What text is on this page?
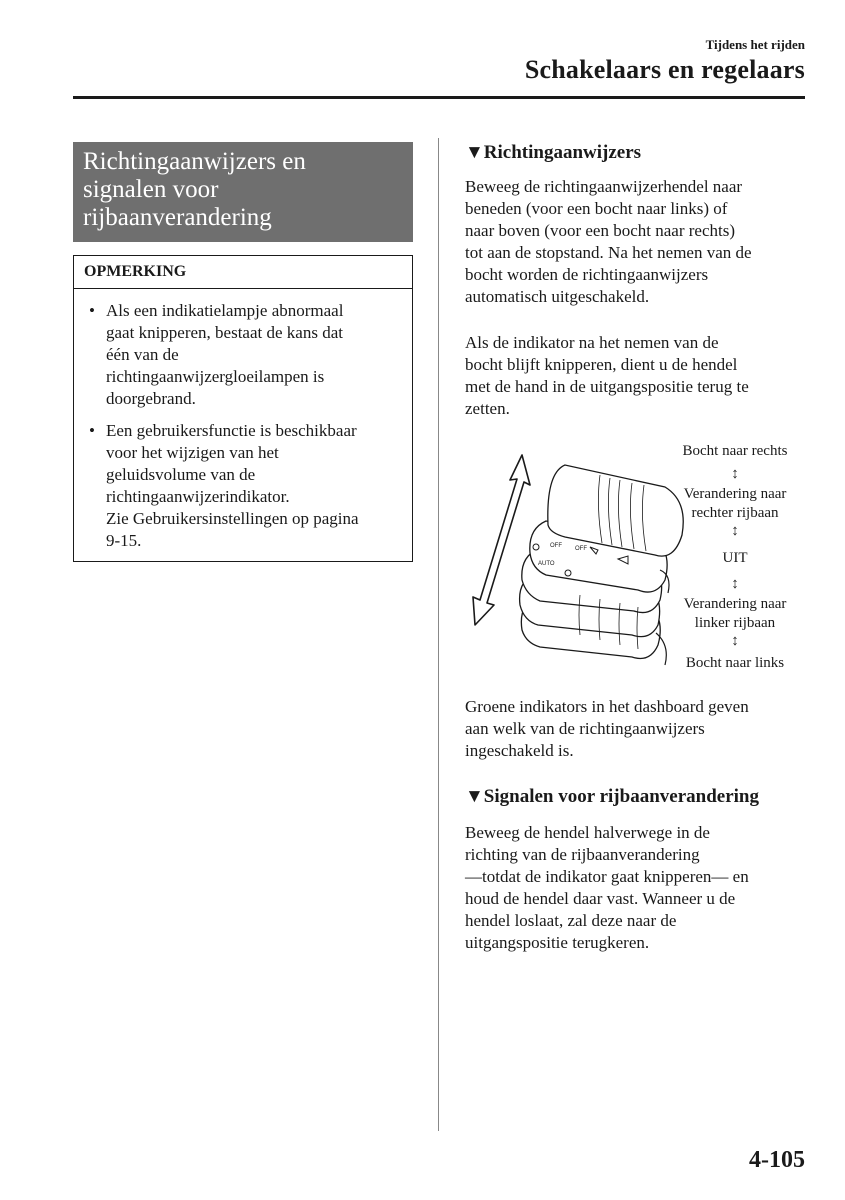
Tijdens het rijden
Schakelaars en regelaars
Richtingaanwijzers en
signalen voor
rijbaanverandering
OPMERKING
• Als een indikatielampje abnormaal
gaat knipperen, bestaat de kans dat
één van de
richtingaanwijzergloeilampen is
doorgebrand.
• Een gebruikersfunctie is beschikbaar
voor het wijzigen van het
geluidsvolume van de
richtingaanwijzerindikator.
Zie Gebruikersinstellingen op pagina
9-15.
▼Richtingaanwijzers
Beweeg de richtingaanwijzerhendel naar
beneden (voor een bocht naar links) of
naar boven (voor een bocht naar rechts)
tot aan de stopstand. Na het nemen van de
bocht worden de richtingaanwijzers
automatisch uitgeschakeld.
Als de indikator na het nemen van de
bocht blijft knipperen, dient u de hendel
met de hand in de uitgangspositie terug te
zetten.
OFF OFF
AUTO
Bocht naar rechts
↕
Verandering naar
rechter rijbaan
↕
UIT
↕
Verandering naar
linker rijbaan
↕
Bocht naar links
Groene indikators in het dashboard geven
aan welk van de richtingaanwijzers
ingeschakeld is.
▼Signalen voor rijbaanverandering
Beweeg de hendel halverwege in de
richting van de rijbaanverandering
—totdat de indikator gaat knipperen— en
houd de hendel daar vast. Wanneer u de
hendel loslaat, zal deze naar de
uitgangspositie terugkeren.
4-105
